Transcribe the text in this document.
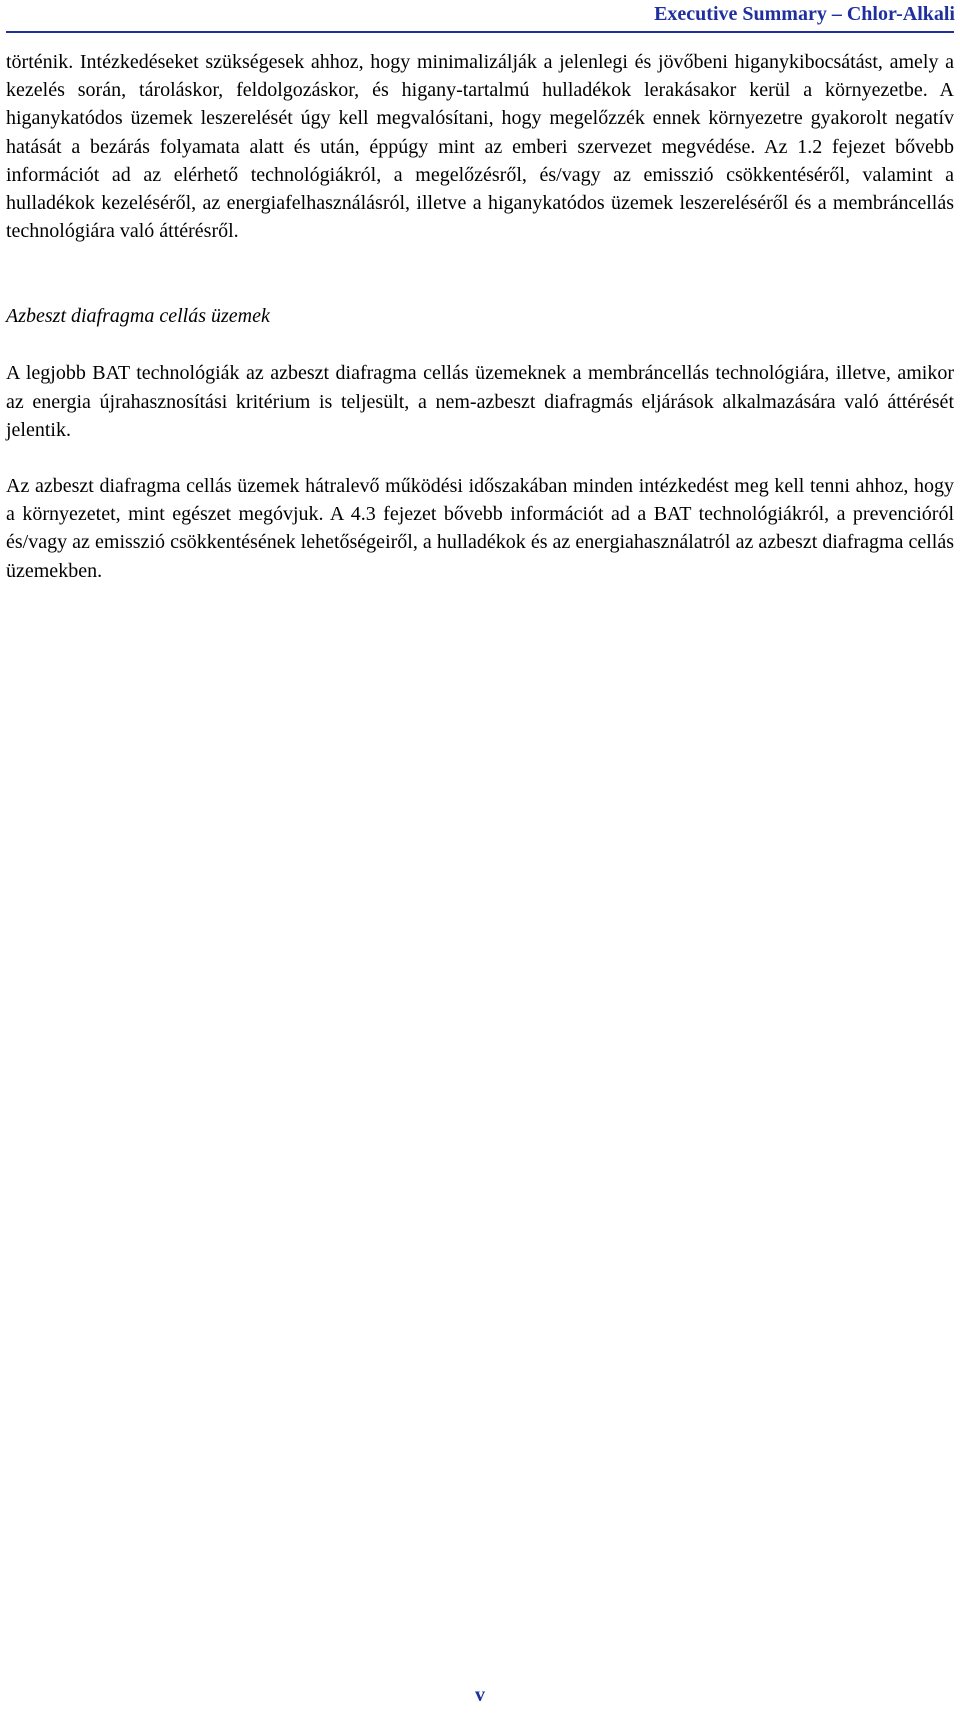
Executive Summary – Chlor-Alkali

történik. Intézkedéseket szükségesek ahhoz, hogy minimalizálják a jelenlegi és jövőbeni higanykibocsátást, amely a kezelés során, tároláskor, feldolgozáskor, és higany-tartalmú hulladékok lerakásakor kerül a környezetbe. A higanykatódos üzemek leszerelését úgy kell megvalósítani, hogy megelőzzék ennek környezetre gyakorolt negatív hatását a bezárás folyamata alatt és után, éppúgy mint az emberi szervezet megvédése. Az 1.2 fejezet bővebb információt ad az elérhető technológiákról, a megelőzésről, és/vagy az emisszió csökkentéséről, valamint a hulladékok kezeléséről, az energiafelhasználásról, illetve a higanykatódos üzemek leszereléséről és a membráncellás technológiára való áttérésről.

Azbeszt diafragma cellás üzemek

A legjobb BAT technológiák az azbeszt diafragma cellás üzemeknek a membráncellás technológiára, illetve, amikor az energia újrahasznosítási kritérium is teljesült, a nem-azbeszt diafragmás eljárások alkalmazására való áttérését jelentik.

Az azbeszt diafragma cellás üzemek hátralevő működési időszakában minden intézkedést meg kell tenni ahhoz, hogy a környezetet, mint egészet megóvjuk. A 4.3 fejezet bővebb információt ad a BAT technológiákról, a prevencióról és/vagy az emisszió csökkentésének lehetőségeiről, a hulladékok és az energiahasználatról az azbeszt diafragma cellás üzemekben.

v
